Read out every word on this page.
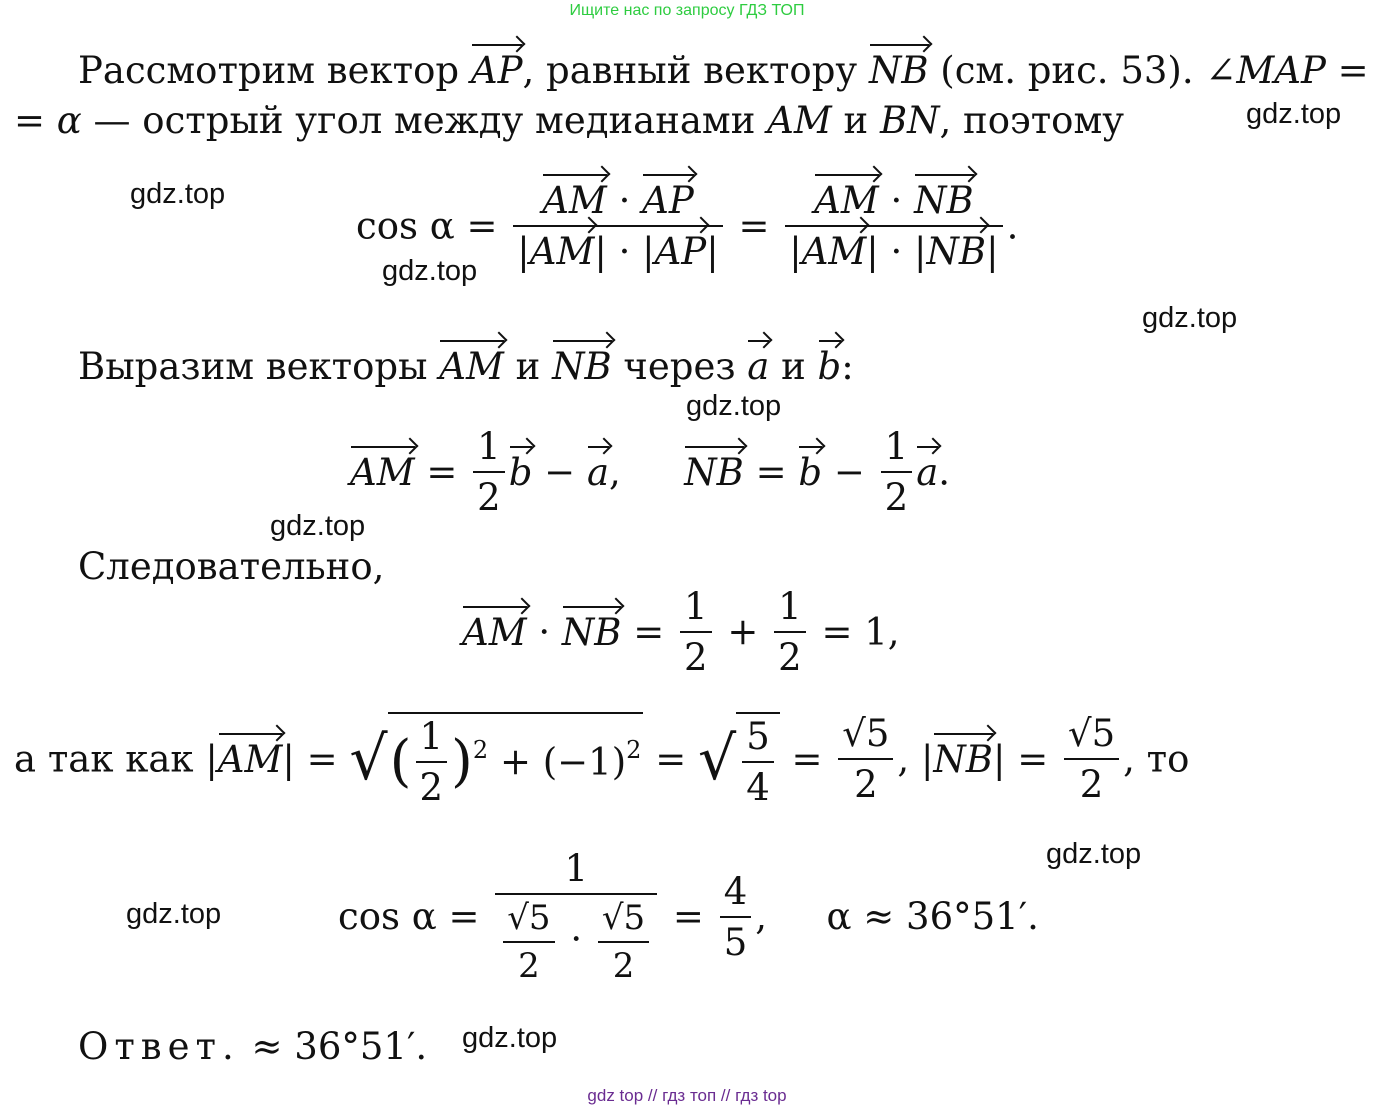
Ищите нас по запросу ГДЗ ТОП
Рассмотрим вектор AP, равный вектору NB (см. рис. 53). ∠MAP =
= α — острый угол между медианами AM и BN, поэтому
$\cos \alpha = \frac{AM \cdot AP}{|AM| \cdot |AP|} = \frac{AM \cdot NB}{|AM| \cdot |NB|}$ .
Выразим векторы AM и NB через a и b:
AM = $\frac{1}{2}$ b − a, NB = $b - \frac{1}{2} a$.
Следовательно,
AM · NB = $\frac{1}{2} + \frac{1}{2} = 1$,
а так как |AM| = √( $\frac{1}{2} )^2 + (-1)^2$ = √ $\frac{5}{4} = \frac{√5}{2}$ , $|NB| = \frac{√5}{2}$ , то
$\cos \alpha = \frac{1}{\frac{√5}{2} \cdot \frac{√5}{2}} = \frac{4}{5}$ , α ≈ 36°51′.
Ответ. ≈ 36°51′.
gdz.top
gdz.top
gdz.top
gdz.top
gdz.top
gdz.top
gdz.top
gdz.top
gdz.top
gdz top // гдз топ // гдз top
